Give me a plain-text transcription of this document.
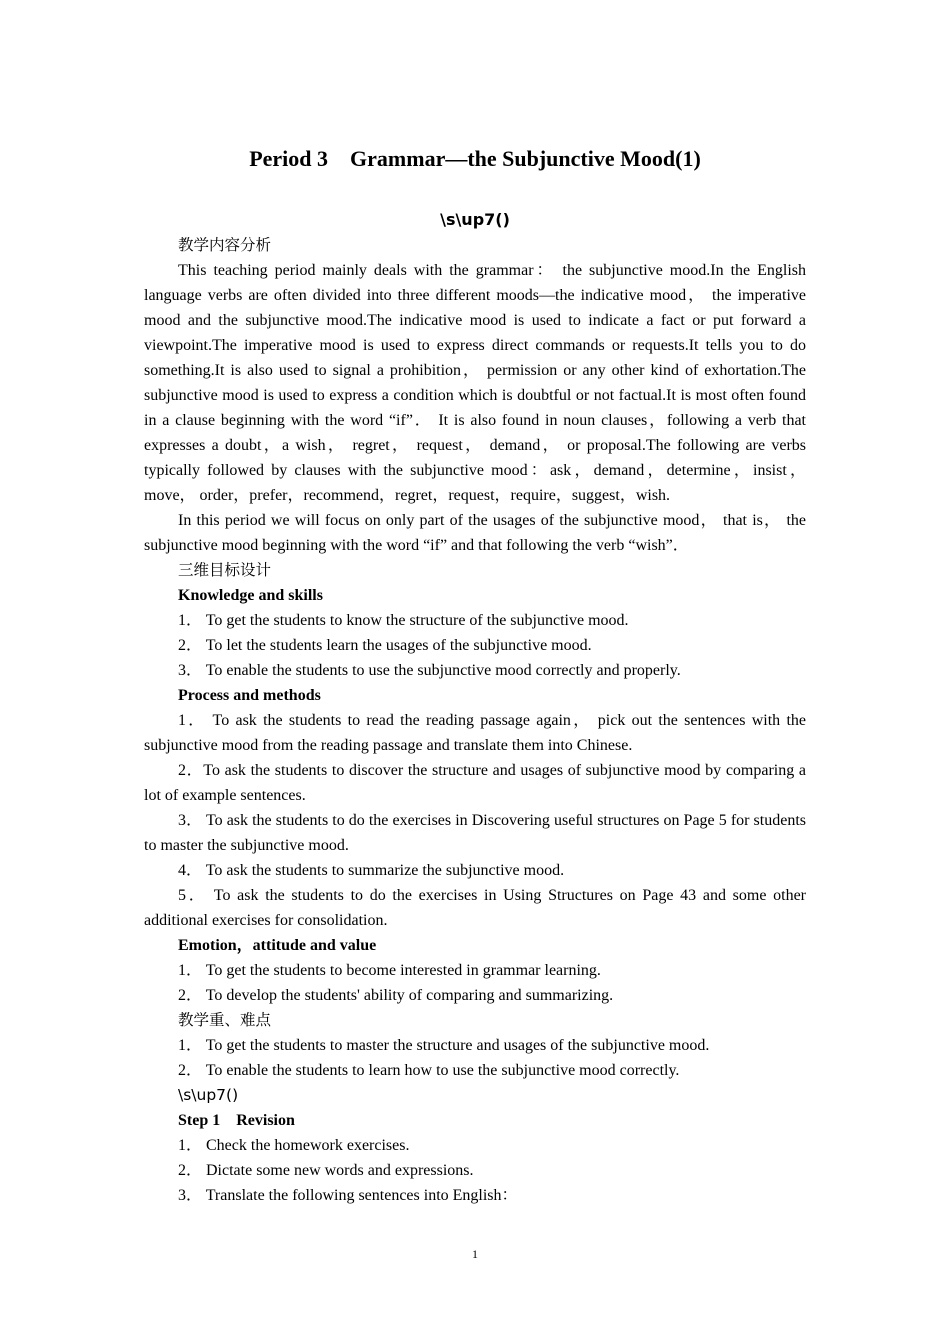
Period 3　Grammar—the Subjunctive Mood(1)
\s\up7()

教学内容分析

This teaching period mainly deals with the grammar： the subjunctive mood.In the English language verbs are often divided into three different moods—the indicative mood， the imperative mood and the subjunctive mood.The indicative mood is used to indicate a fact or put forward a viewpoint.The imperative mood is used to express direct commands or requests.It tells you to do something.It is also used to signal a prohibition， permission or any other kind of exhortation.The subjunctive mood is used to express a condition which is doubtful or not factual.It is most often found in a clause beginning with the word “if”． It is also found in noun clauses，following a verb that expresses a doubt，a wish， regret， request， demand， or proposal.The following are verbs typically followed by clauses with the subjunctive mood：ask，demand，determine，insist，move， order，prefer，recommend，regret，request，require，suggest，wish.

In this period we will focus on only part of the usages of the subjunctive mood， that is， the subjunctive mood beginning with the word “if” and that following the verb “wish”．

三维目标设计

Knowledge and skills

1． To get the students to know the structure of the subjunctive mood.

2． To let the students learn the usages of the subjunctive mood.

3． To enable the students to use the subjunctive mood correctly and properly.

Process and methods

1． To ask the students to read the reading passage again， pick out the sentences with the subjunctive mood from the reading passage and translate them into Chinese.

2．To ask the students to discover the structure and usages of subjunctive mood by comparing a lot of example sentences.

3． To ask the students to do the exercises in Discovering useful structures on Page 5 for students to master the subjunctive mood.

4． To ask the students to summarize the subjunctive mood.

5． To ask the students to do the exercises in Using Structures on Page 43 and some other additional exercises for consolidation.

Emotion，attitude and value

1． To get the students to become interested in grammar learning.

2． To develop the students' ability of comparing and summarizing.

教学重、难点

1． To get the students to master the structure and usages of the subjunctive mood.

2． To enable the students to learn how to use the subjunctive mood correctly.

\s\up7()

Step 1　Revision

1． Check the homework exercises.

2． Dictate some new words and expressions.

3． Translate the following sentences into English：

1
